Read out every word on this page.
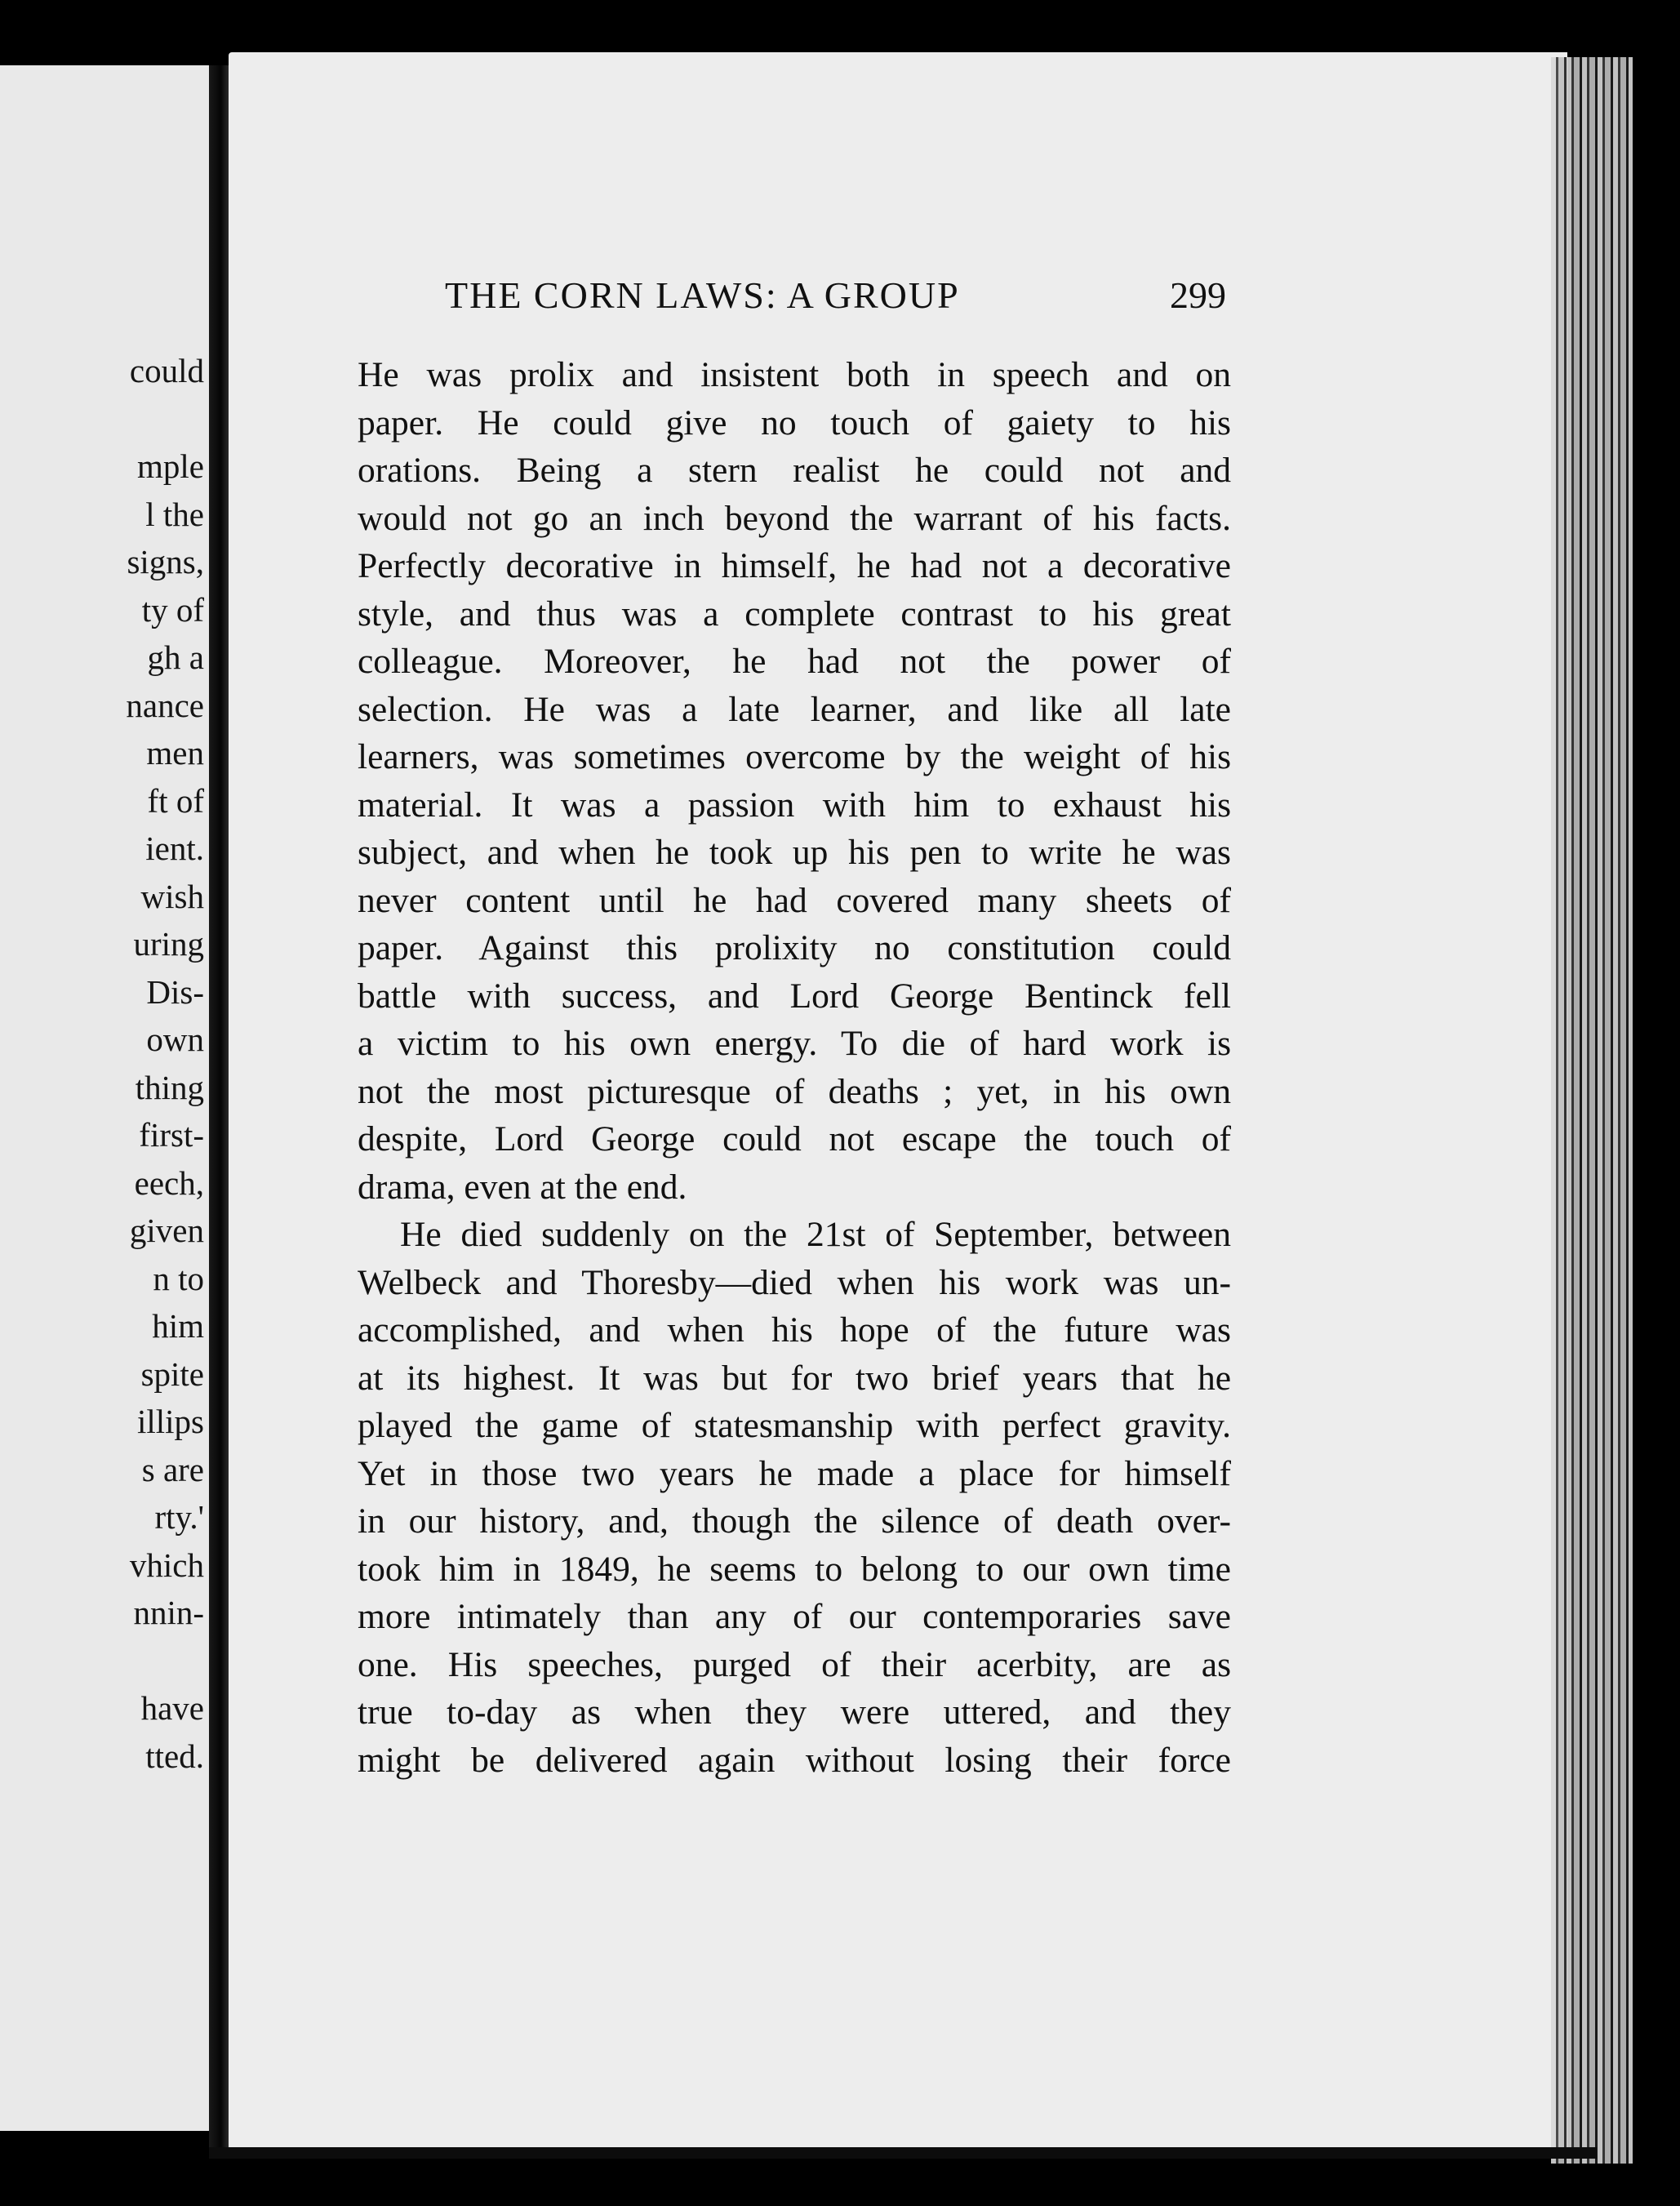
could
mple
l the
signs,
ty of
gh a
nance
men
ft of
ient.
wish
uring
Dis-
own
thing
first-
eech,
given
n to
him
spite
illips
s are
rty.'
vhich
nnin-
have
tted.
THE CORN LAWS: A GROUP	299
He was prolix and insistent both in speech and on
paper. He could give no touch of gaiety to his
orations. Being a stern realist he could not and
would not go an inch beyond the warrant of his facts.
Perfectly decorative in himself, he had not a decorative
style, and thus was a complete contrast to his great
colleague. Moreover, he had not the power of
selection. He was a late learner, and like all late
learners, was sometimes overcome by the weight of his
material. It was a passion with him to exhaust his
subject, and when he took up his pen to write he was
never content until he had covered many sheets of
paper. Against this prolixity no constitution could
battle with success, and Lord George Bentinck fell
a victim to his own energy. To die of hard work is
not the most picturesque of deaths ; yet, in his own
despite, Lord George could not escape the touch of
drama, even at the end.
He died suddenly on the 21st of September, between
Welbeck and Thoresby—died when his work was un-
accomplished, and when his hope of the future was
at its highest. It was but for two brief years that he
played the game of statesmanship with perfect gravity.
Yet in those two years he made a place for himself
in our history, and, though the silence of death over-
took him in 1849, he seems to belong to our own time
more intimately than any of our contemporaries save
one. His speeches, purged of their acerbity, are as
true to-day as when they were uttered, and they
might be delivered again without losing their force
